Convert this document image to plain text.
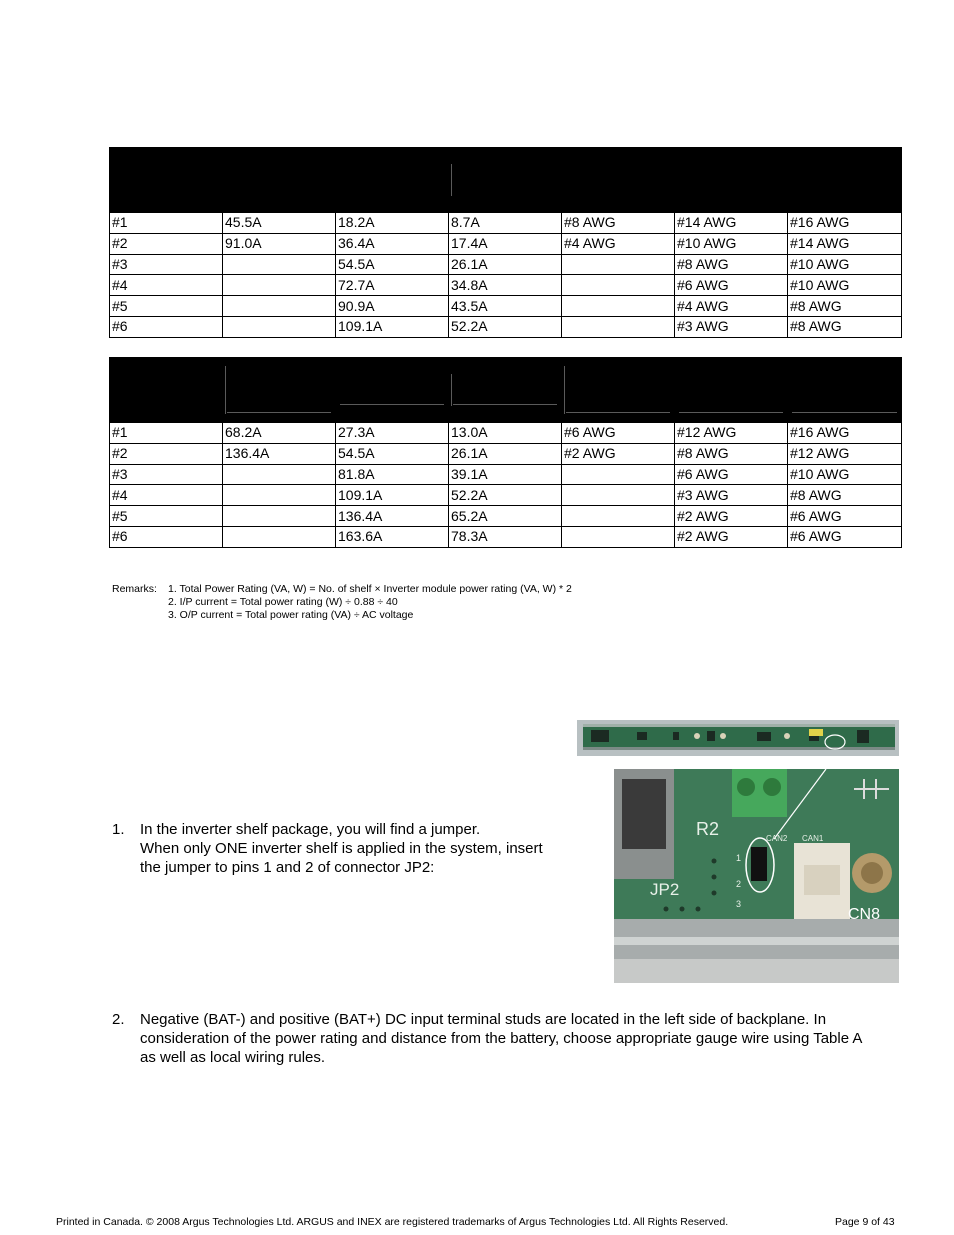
#1	45.5A	18.2A	8.7A	#8 AWG	#14 AWG	#16 AWG
#2	91.0A	36.4A	17.4A	#4 AWG	#10 AWG	#14 AWG
#3		54.5A	26.1A		#8 AWG	#10 AWG
#4		72.7A	34.8A		#6 AWG	#10 AWG
#5		90.9A	43.5A		#4 AWG	#8 AWG
#6		109.1A	52.2A		#3 AWG	#8 AWG

#1	68.2A	27.3A	13.0A	#6 AWG	#12 AWG	#16 AWG
#2	136.4A	54.5A	26.1A	#2 AWG	#8 AWG	#12 AWG
#3		81.8A	39.1A		#6 AWG	#10 AWG
#4		109.1A	52.2A		#3 AWG	#8 AWG
#5		136.4A	65.2A		#2 AWG	#6 AWG
#6		163.6A	78.3A		#2 AWG	#6 AWG
Remarks: 1. Total Power Rating (VA, W) = No. of shelf × Inverter module power rating (VA, W) * 2
2. I/P current = Total power rating (W) ÷ 0.88 ÷ 40
3. O/P current = Total power rating (VA) ÷ AC voltage
R2
JP2
CN8
CAN2 CAN1
1
2
3
1. In the inverter shelf package, you will find a jumper.
When only ONE inverter shelf is applied in the system, insert
the jumper to pins 1 and 2 of connector JP2:
2. Negative (BAT-) and positive (BAT+) DC input terminal studs are located in the left side of backplane. In
consideration of the power rating and distance from the battery, choose appropriate gauge wire using Table A
as well as local wiring rules.
Printed in Canada. © 2008 Argus Technologies Ltd. ARGUS and INEX are registered trademarks of Argus Technologies Ltd. All Rights Reserved.	Page 9 of 43
